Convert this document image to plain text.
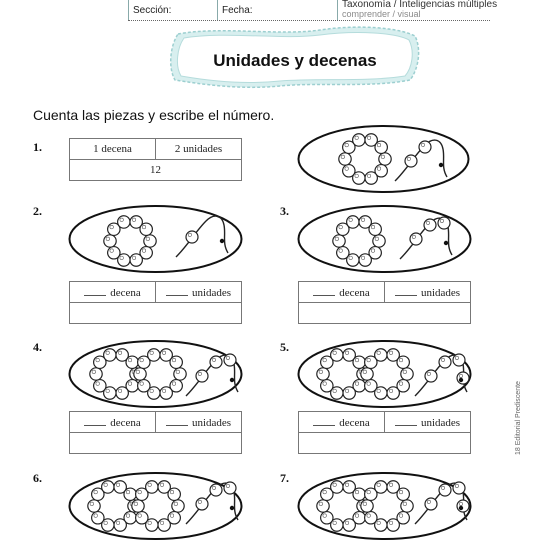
Sección:	Fecha:
Taxonomía / Inteligencias múltiples
comprender / visual
Unidades y decenas
Cuenta las piezas y escribe el número.
1.	1 decena	2 unidades
12
2.
decena	unidades

3.
decena	unidades

4.
decena	unidades

5.
decena	unidades

6.	7.
18 Editorial Prediscente
